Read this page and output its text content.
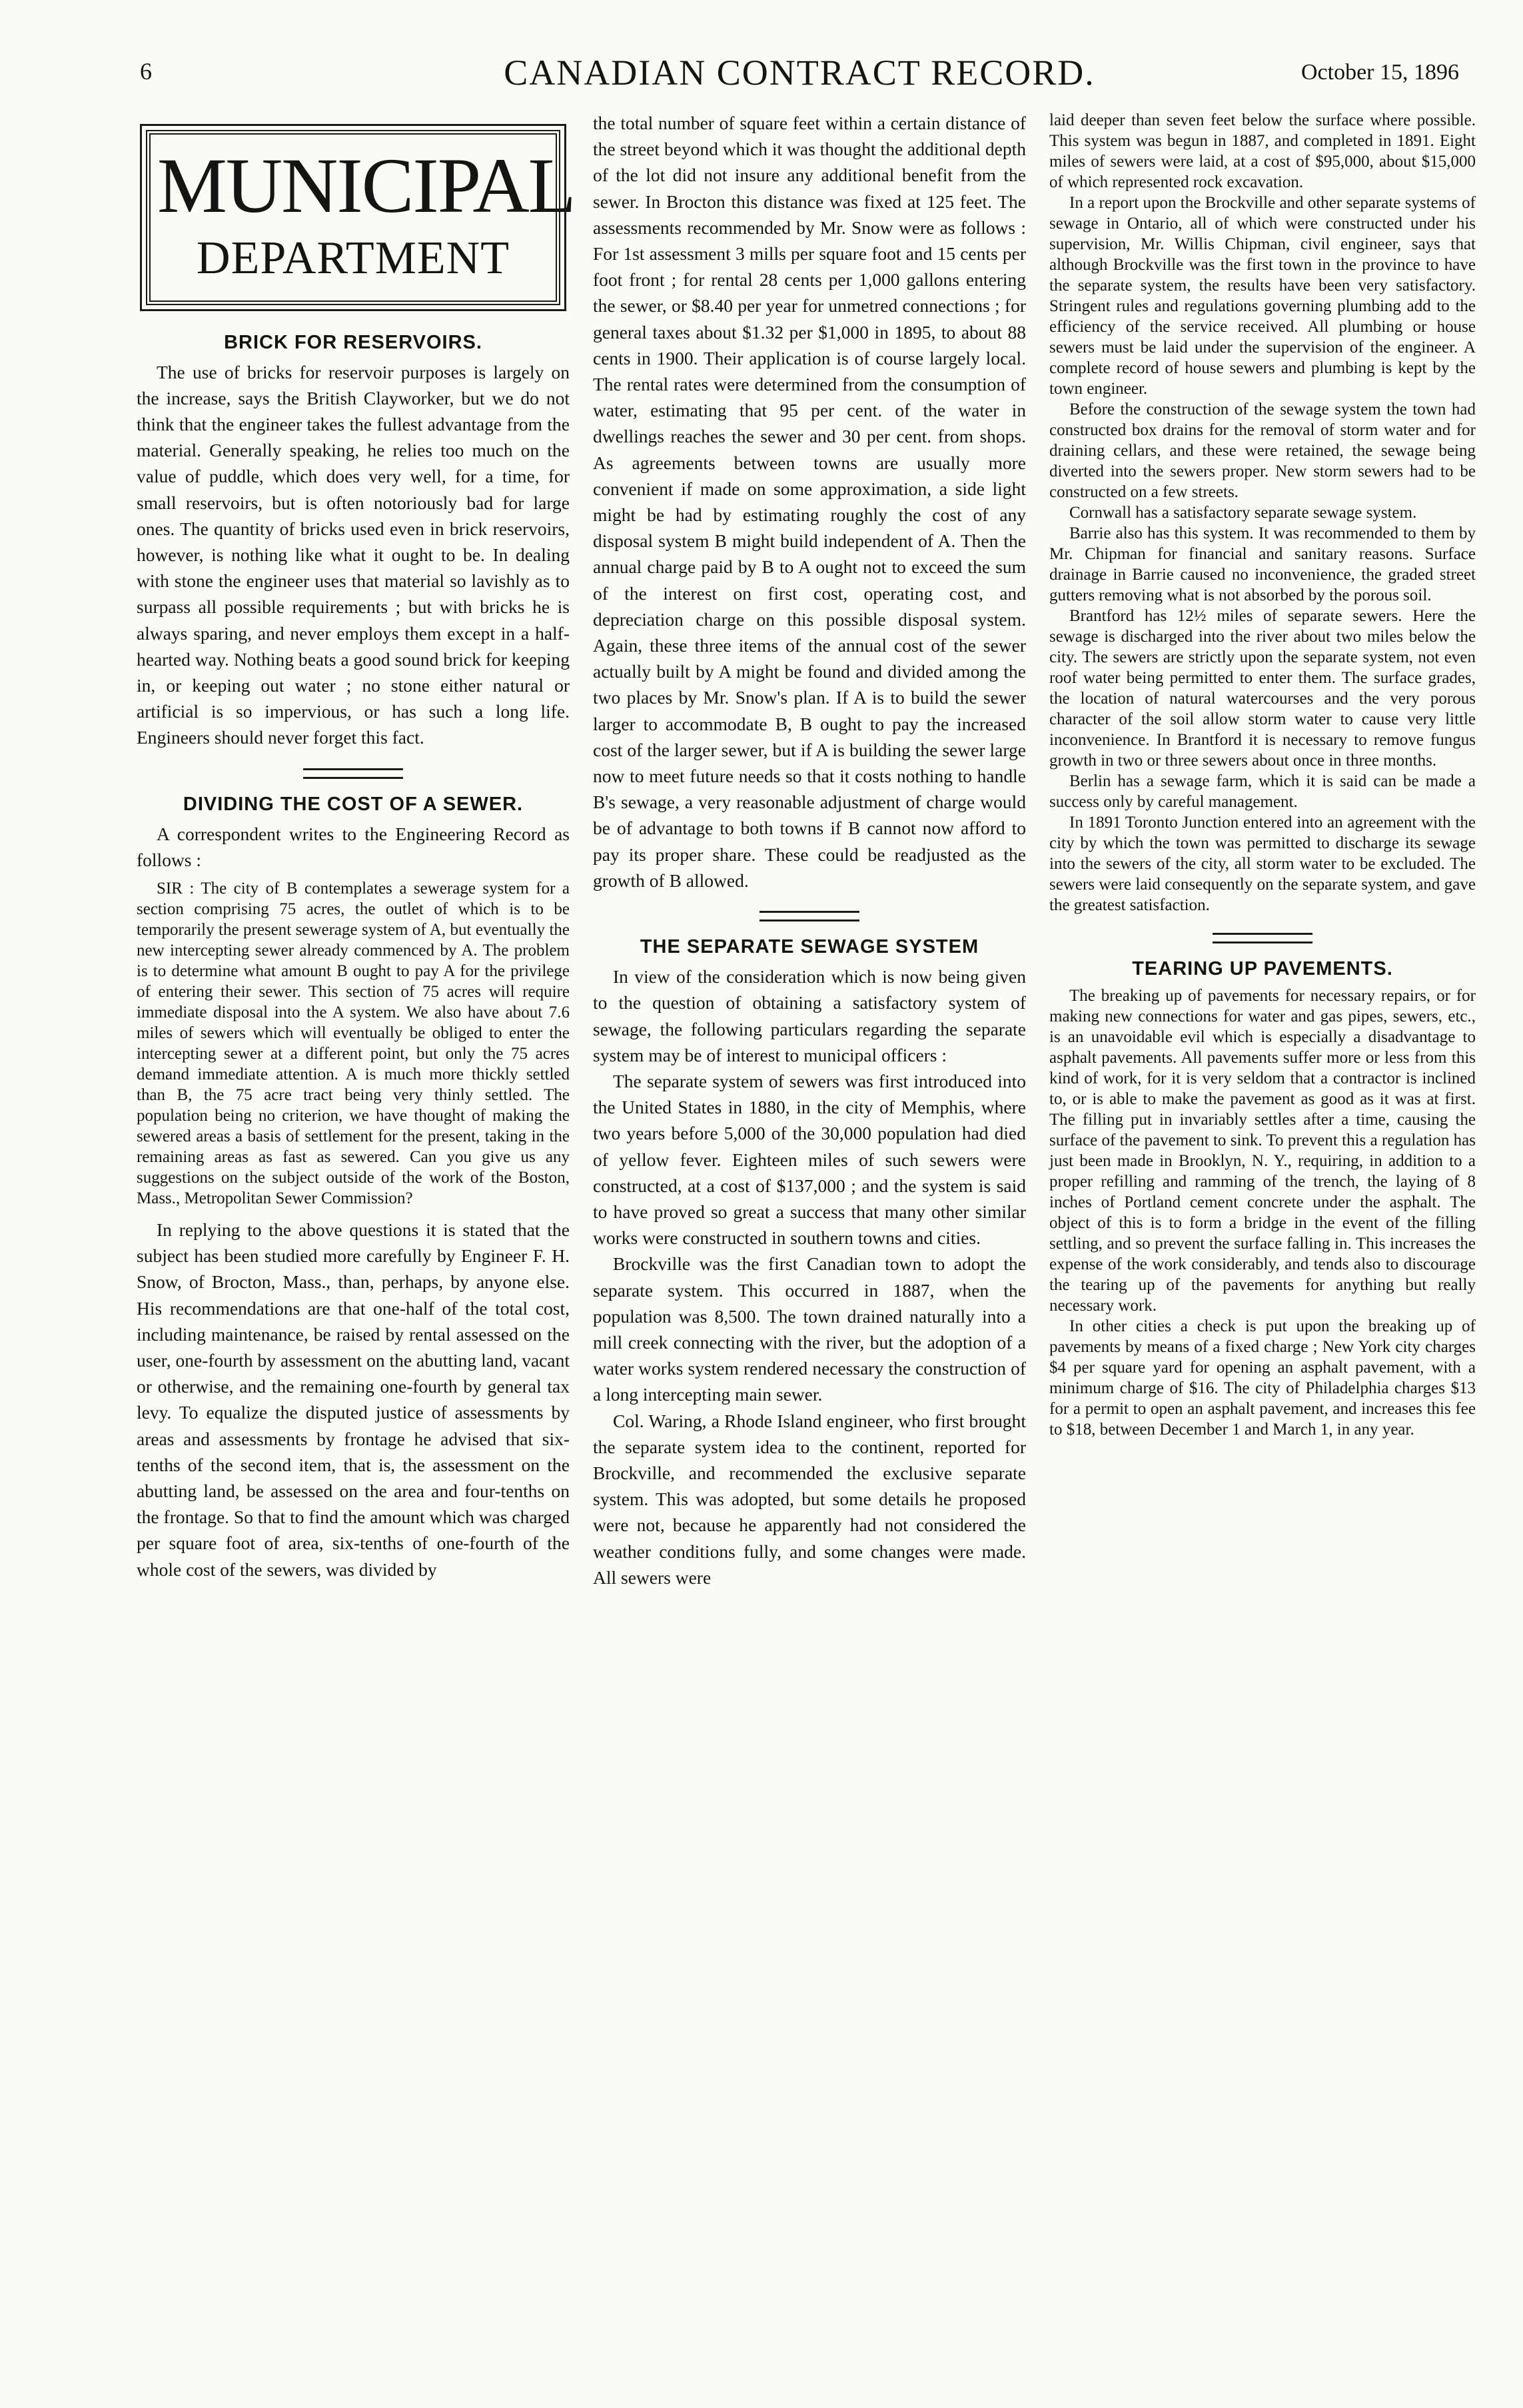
6	CANADIAN CONTRACT RECORD.	October 15, 1896
MUNICIPAL
DEPARTMENT
BRICK FOR RESERVOIRS.

The use of bricks for reservoir purposes is largely on the increase, says the British Clayworker, but we do not think that the engineer takes the fullest advantage from the material. Generally speaking, he relies too much on the value of puddle, which does very well, for a time, for small reservoirs, but is often notoriously bad for large ones. The quantity of bricks used even in brick reservoirs, however, is nothing like what it ought to be. In dealing with stone the engineer uses that material so lavishly as to surpass all possible requirements ; but with bricks he is always sparing, and never employs them except in a half-hearted way. Nothing beats a good sound brick for keeping in, or keeping out water ; no stone either natural or artificial is so impervious, or has such a long life. Engineers should never forget this fact.

DIVIDING THE COST OF A SEWER.

A correspondent writes to the Engineering Record as follows :

SIR : The city of B contemplates a sewerage system for a section comprising 75 acres, the outlet of which is to be temporarily the present sewerage system of A, but eventually the new intercepting sewer already commenced by A. The problem is to determine what amount B ought to pay A for the privilege of entering their sewer. This section of 75 acres will require immediate disposal into the A system. We also have about 7.6 miles of sewers which will eventually be obliged to enter the intercepting sewer at a different point, but only the 75 acres demand immediate attention. A is much more thickly settled than B, the 75 acre tract being very thinly settled. The population being no criterion, we have thought of making the sewered areas a basis of settlement for the present, taking in the remaining areas as fast as sewered. Can you give us any suggestions on the subject outside of the work of the Boston, Mass., Metropolitan Sewer Commission?

In replying to the above questions it is stated that the subject has been studied more carefully by Engineer F. H. Snow, of Brocton, Mass., than, perhaps, by anyone else. His recommendations are that one-half of the total cost, including maintenance, be raised by rental assessed on the user, one-fourth by assessment on the abutting land, vacant or otherwise, and the remaining one-fourth by general tax levy. To equalize the disputed justice of assessments by areas and assessments by frontage he advised that six-tenths of the second item, that is, the assessment on the abutting land, be assessed on the area and four-tenths on the frontage. So that to find the amount which was charged per square foot of area, six-tenths of one-fourth of the whole cost of the sewers, was divided by

the total number of square feet within a certain distance of the street beyond which it was thought the additional depth of the lot did not insure any additional benefit from the sewer. In Brocton this distance was fixed at 125 feet. The assessments recommended by Mr. Snow were as follows : For 1st assessment 3 mills per square foot and 15 cents per foot front ; for rental 28 cents per 1,000 gallons entering the sewer, or $8.40 per year for unmetred connections ; for general taxes about $1.32 per $1,000 in 1895, to about 88 cents in 1900. Their application is of course largely local. The rental rates were determined from the consumption of water, estimating that 95 per cent. of the water in dwellings reaches the sewer and 30 per cent. from shops. As agreements between towns are usually more convenient if made on some approximation, a side light might be had by estimating roughly the cost of any disposal system B might build independent of A. Then the annual charge paid by B to A ought not to exceed the sum of the interest on first cost, operating cost, and depreciation charge on this possible disposal system. Again, these three items of the annual cost of the sewer actually built by A might be found and divided among the two places by Mr. Snow's plan. If A is to build the sewer larger to accommodate B, B ought to pay the increased cost of the larger sewer, but if A is building the sewer large now to meet future needs so that it costs nothing to handle B's sewage, a very reasonable adjustment of charge would be of advantage to both towns if B cannot now afford to pay its proper share. These could be readjusted as the growth of B allowed.

THE SEPARATE SEWAGE SYSTEM

In view of the consideration which is now being given to the question of obtaining a satisfactory system of sewage, the following particulars regarding the separate system may be of interest to municipal officers :

The separate system of sewers was first introduced into the United States in 1880, in the city of Memphis, where two years before 5,000 of the 30,000 population had died of yellow fever. Eighteen miles of such sewers were constructed, at a cost of $137,000 ; and the system is said to have proved so great a success that many other similar works were constructed in southern towns and cities.

Brockville was the first Canadian town to adopt the separate system. This occurred in 1887, when the population was 8,500. The town drained naturally into a mill creek connecting with the river, but the adoption of a water works system rendered necessary the construction of a long intercepting main sewer.

Col. Waring, a Rhode Island engineer, who first brought the separate system idea to the continent, reported for Brockville, and recommended the exclusive separate system. This was adopted, but some details he proposed were not, because he apparently had not considered the weather conditions fully, and some changes were made. All sewers were

laid deeper than seven feet below the surface where possible. This system was begun in 1887, and completed in 1891. Eight miles of sewers were laid, at a cost of $95,000, about $15,000 of which represented rock excavation.

In a report upon the Brockville and other separate systems of sewage in Ontario, all of which were constructed under his supervision, Mr. Willis Chipman, civil engineer, says that although Brockville was the first town in the province to have the separate system, the results have been very satisfactory. Stringent rules and regulations governing plumbing add to the efficiency of the service received. All plumbing or house sewers must be laid under the supervision of the engineer. A complete record of house sewers and plumbing is kept by the town engineer.

Before the construction of the sewage system the town had constructed box drains for the removal of storm water and for draining cellars, and these were retained, the sewage being diverted into the sewers proper. New storm sewers had to be constructed on a few streets.

Cornwall has a satisfactory separate sewage system.

Barrie also has this system. It was recommended to them by Mr. Chipman for financial and sanitary reasons. Surface drainage in Barrie caused no inconvenience, the graded street gutters removing what is not absorbed by the porous soil.

Brantford has 12½ miles of separate sewers. Here the sewage is discharged into the river about two miles below the city. The sewers are strictly upon the separate system, not even roof water being permitted to enter them. The surface grades, the location of natural watercourses and the very porous character of the soil allow storm water to cause very little inconvenience. In Brantford it is necessary to remove fungus growth in two or three sewers about once in three months.

Berlin has a sewage farm, which it is said can be made a success only by careful management.

In 1891 Toronto Junction entered into an agreement with the city by which the town was permitted to discharge its sewage into the sewers of the city, all storm water to be excluded. The sewers were laid consequently on the separate system, and gave the greatest satisfaction.

TEARING UP PAVEMENTS.

The breaking up of pavements for necessary repairs, or for making new connections for water and gas pipes, sewers, etc., is an unavoidable evil which is especially a disadvantage to asphalt pavements. All pavements suffer more or less from this kind of work, for it is very seldom that a contractor is inclined to, or is able to make the pavement as good as it was at first. The filling put in invariably settles after a time, causing the surface of the pavement to sink. To prevent this a regulation has just been made in Brooklyn, N. Y., requiring, in addition to a proper refilling and ramming of the trench, the laying of 8 inches of Portland cement concrete under the asphalt. The object of this is to form a bridge in the event of the filling settling, and so prevent the surface falling in. This increases the expense of the work considerably, and tends also to discourage the tearing up of the pavements for anything but really necessary work.

In other cities a check is put upon the breaking up of pavements by means of a fixed charge ; New York city charges $4 per square yard for opening an asphalt pavement, with a minimum charge of $16. The city of Philadelphia charges $13 for a permit to open an asphalt pavement, and increases this fee to $18, between December 1 and March 1, in any year.
